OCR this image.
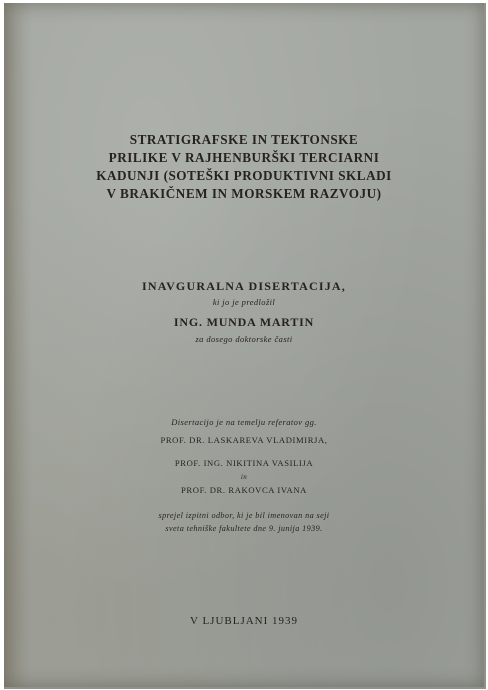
STRATIGRAFSKE IN TEKTONSKE
PRILIKE V RAJHENBURŠKI TERCIARNI
KADUNJI (SOTEŠKI PRODUKTIVNI SKLADI
V BRAKIČNEM IN MORSKEM RAZVOJU)
INAVGURALNA DISERTACIJA,
ki jo je predložil
ING. MUNDA MARTIN
za dosego doktorske časti
Disertacijo je na temelju referatov gg.
PROF. DR. LASKAREVA VLADIMIRJA,
PROF. ING. NIKITINA VASILIJA
in
PROF. DR. RAKOVCA IVANA
sprejel izpitni odbor, ki je bil imenovan na seji
sveta tehniške fakultete dne 9. junija 1939.
V LJUBLJANI 1939
